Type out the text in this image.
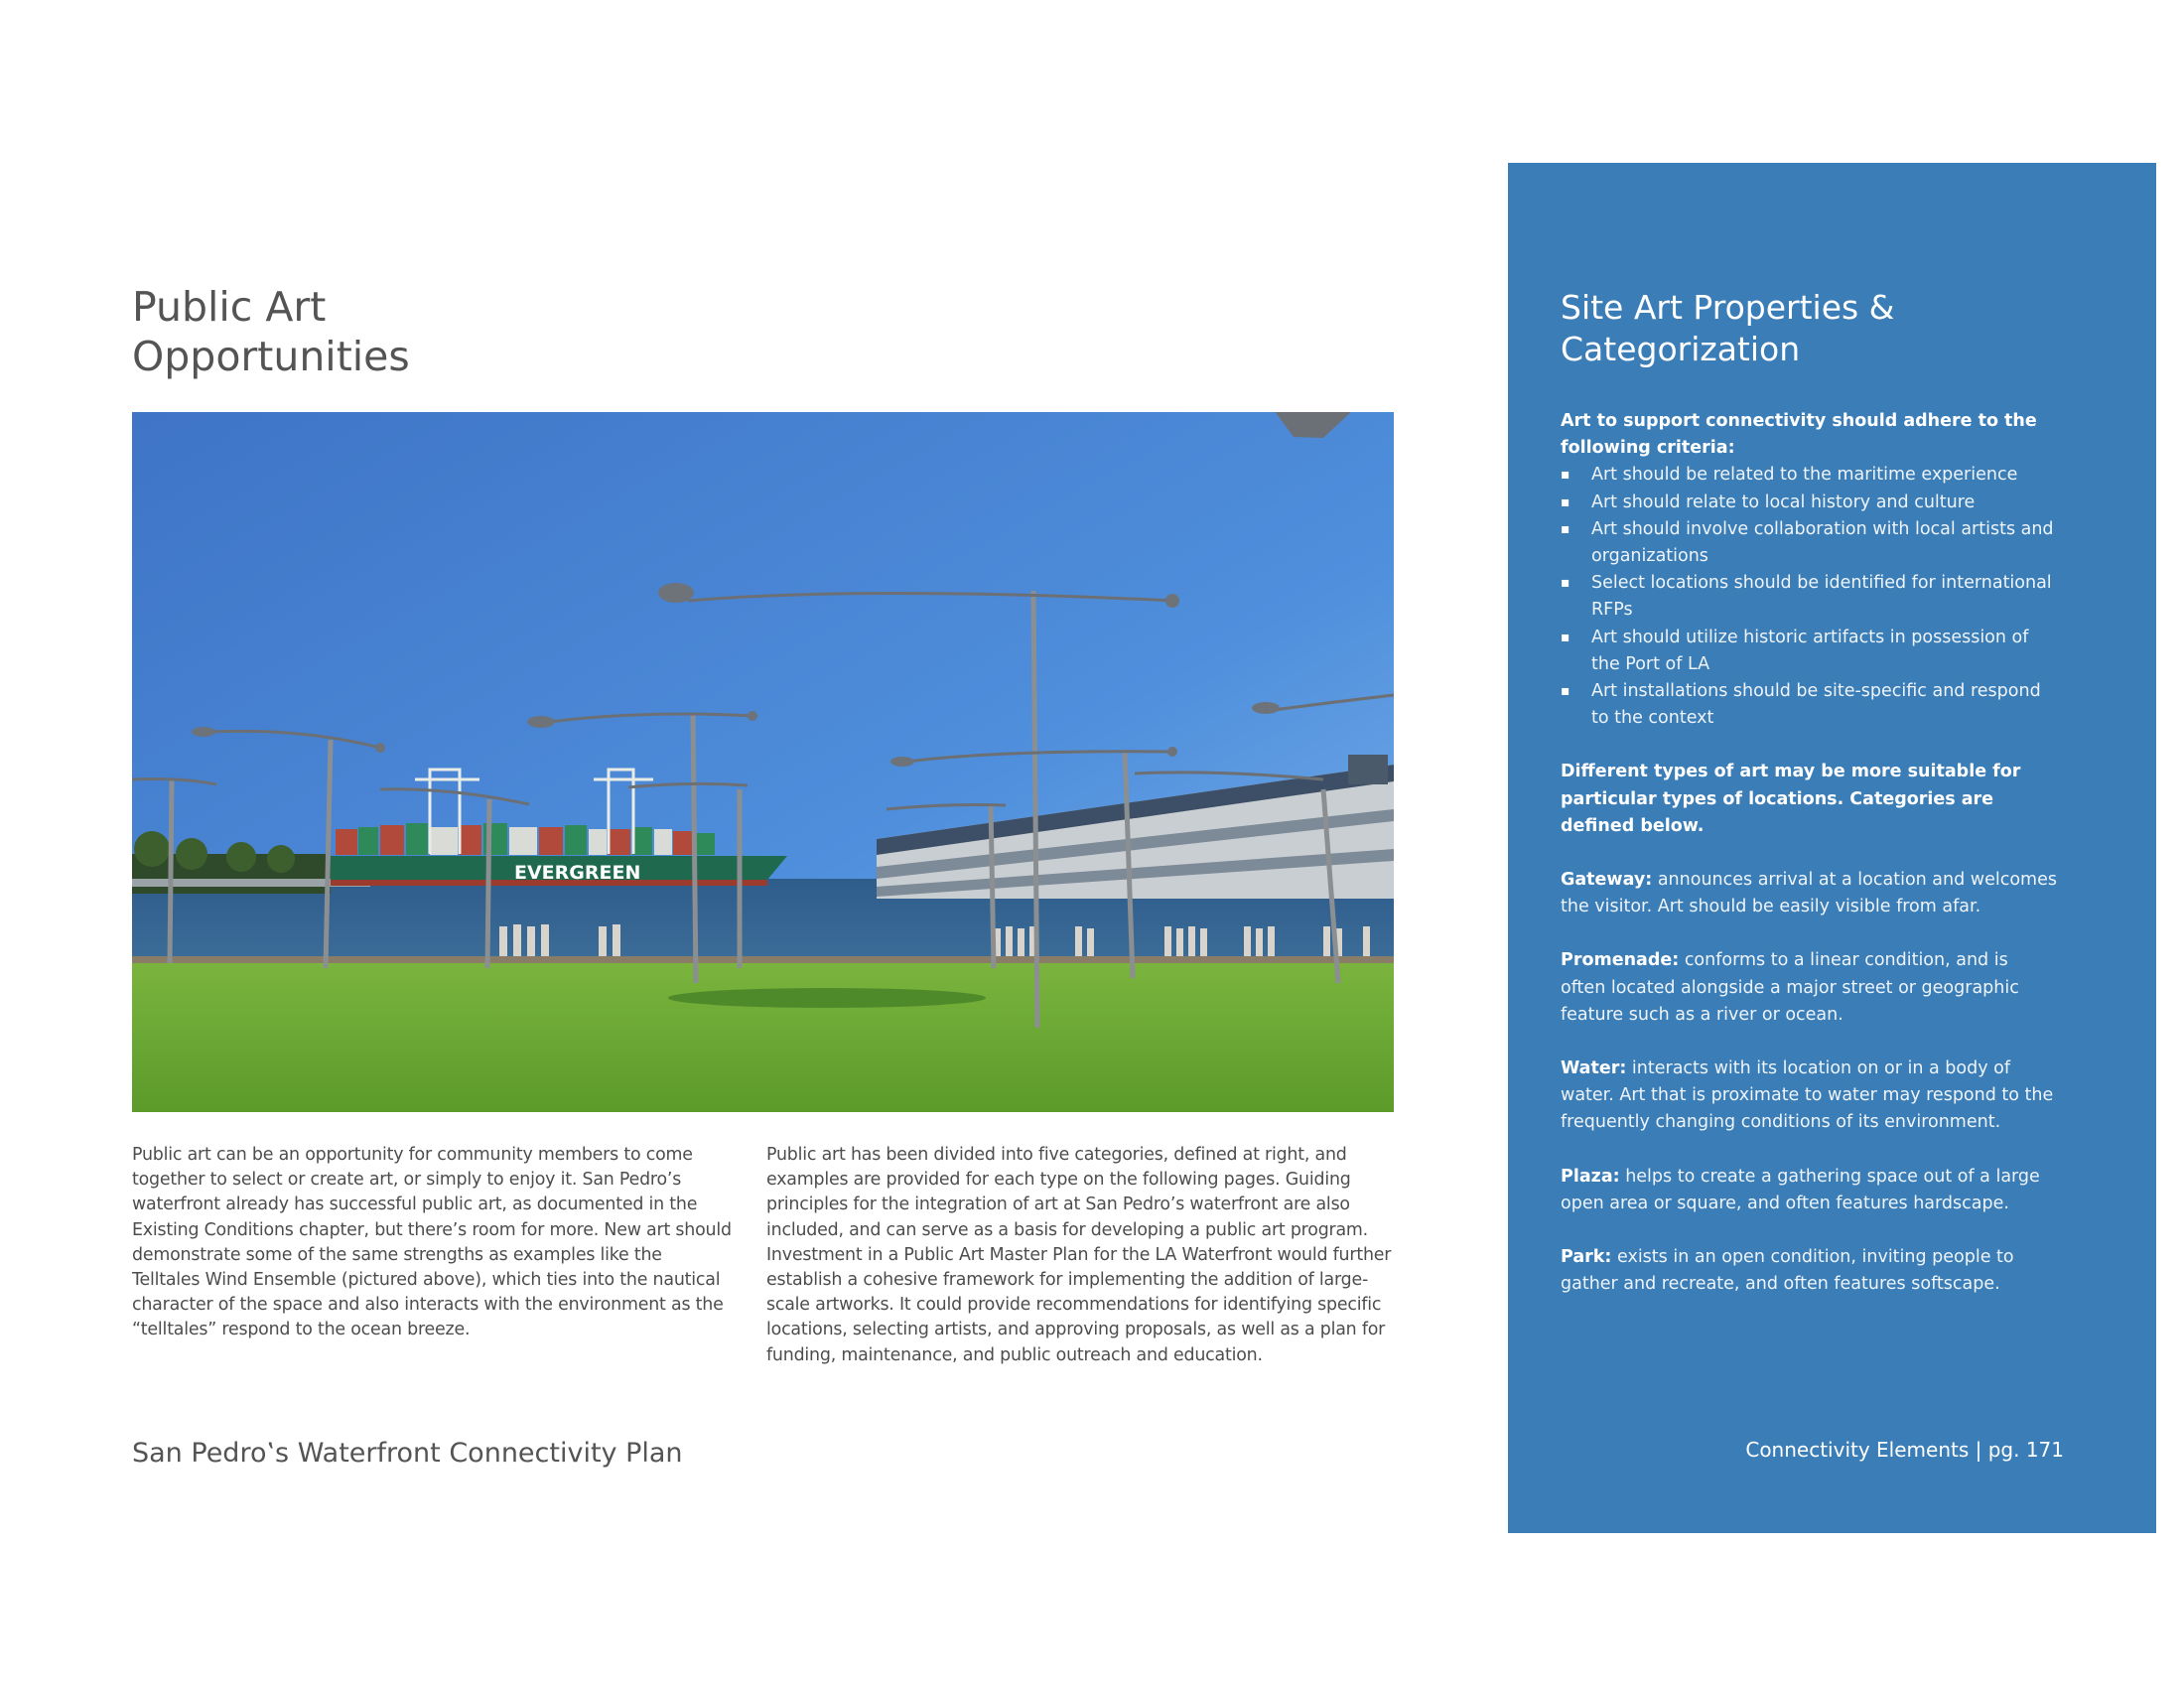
Public Art
Opportunities
EVERGREEN

Public art can be an opportunity for community members to come together to select or create art, or simply to enjoy it. San Pedro’s waterfront already has successful public art, as documented in the Existing Conditions chapter, but there’s room for more. New art should demonstrate some of the same strengths as examples like the Telltales Wind Ensemble (pictured above), which ties into the nautical character of the space and also interacts with the environment as the “telltales” respond to the ocean breeze.

Public art has been divided into five categories, defined at right, and examples are provided for each type on the following pages. Guiding principles for the integration of art at San Pedro’s waterfront are also included, and can serve as a basis for developing a public art program. Investment in a Public Art Master Plan for the LA Waterfront would further establish a cohesive framework for implementing the addition of large-scale artworks. It could provide recommendations for identifying specific locations, selecting artists, and approving proposals, as well as a plan for funding, maintenance, and public outreach and education.

San Pedro‛s Waterfront Connectivity Plan
Site Art Properties &
Categorization

Art to support connectivity should adhere to the following criteria:

▪ Art should be related to the maritime experience
▪ Art should relate to local history and culture
▪ Art should involve collaboration with local artists and organizations
▪ Select locations should be identified for international RFPs
▪ Art should utilize historic artifacts in possession of the Port of LA
▪ Art installations should be site-specific and respond to the context

Different types of art may be more suitable for particular types of locations. Categories are defined below.

Gateway: announces arrival at a location and welcomes the visitor. Art should be easily visible from afar.

Promenade: conforms to a linear condition, and is often located alongside a major street or geographic feature such as a river or ocean.

Water: interacts with its location on or in a body of water. Art that is proximate to water may respond to the frequently changing conditions of its environment.

Plaza: helps to create a gathering space out of a large open area or square, and often features hardscape.

Park: exists in an open condition, inviting people to gather and recreate, and often features softscape.

Connectivity Elements | pg. 171
